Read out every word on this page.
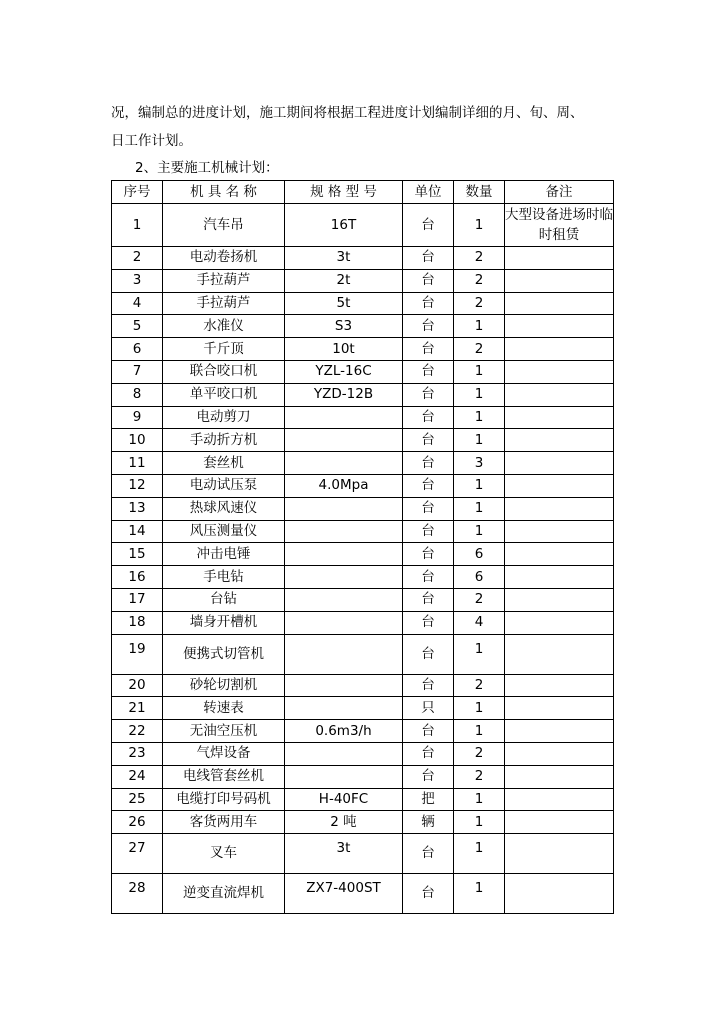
况，编制总的进度计划，施工期间将根据工程进度计划编制详细的月、旬、周、
日工作计划。
2、主要施工机械计划：
序号	机 具 名 称	规 格 型 号	单位	数量	备注
1	汽车吊	16T	台	1	大型设备进场时临时租赁
2	电动卷扬机	3t	台	2	
3	手拉葫芦	2t	台	2	
4	手拉葫芦	5t	台	2	
5	水准仪	S3	台	1	
6	千斤顶	10t	台	2	
7	联合咬口机	YZL-16C	台	1	
8	单平咬口机	YZD-12B	台	1	
9	电动剪刀		台	1	
10	手动折方机		台	1	
11	套丝机		台	3	
12	电动试压泵	4.0Mpa	台	1	
13	热球风速仪		台	1	
14	风压测量仪		台	1	
15	冲击电锤		台	6	
16	手电钻		台	6	
17	台钻		台	2	
18	墙身开槽机		台	4	
19	便携式切管机		台	1	
20	砂轮切割机		台	2	
21	转速表		只	1	
22	无油空压机	0.6m3/h	台	1	
23	气焊设备		台	2	
24	电线管套丝机		台	2	
25	电缆打印号码机	H-40FC	把	1	
26	客货两用车	2 吨	辆	1	
27	叉车	3t	台	1	
28	逆变直流焊机	ZX7-400ST	台	1	
